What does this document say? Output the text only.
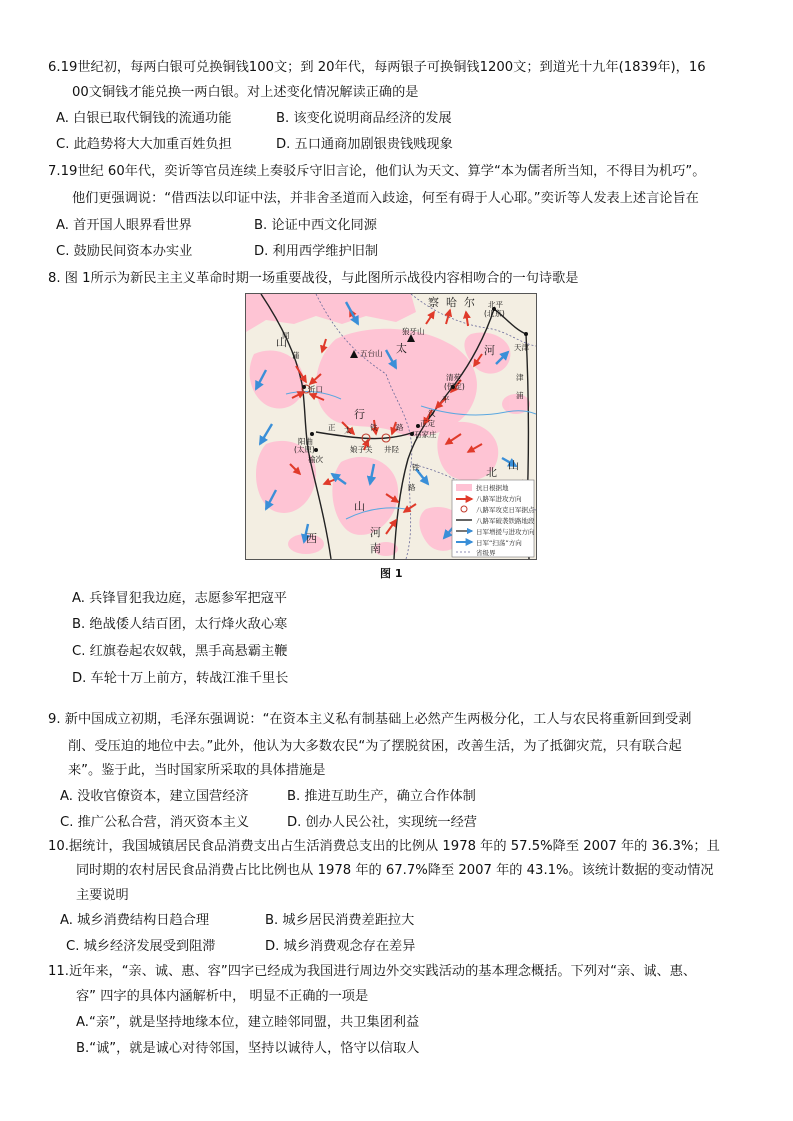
6.19世纪初，每两白银可兑换铜钱100文；到 20年代，每两银子可换铜钱1200文；到道光十九年(1839年)，16
00文铜钱才能兑换一两白银。对上述变化情况解读正确的是
A. 白银已取代铜钱的流通功能	B. 该变化说明商品经济的发展
C. 此趋势将大大加重百姓负担	D. 五口通商加剧银贵钱贱现象
7.19世纪 60年代，奕䜣等官员连续上奏驳斥守旧言论，他们认为天文、算学“本为儒者所当知，不得目为机巧”。
他们更强调说：“借西法以印证中法，并非舍圣道而入歧途，何至有碍于人心耶。”奕䜣等人发表上述言论旨在
A. 首开国人眼界看世界	B. 论证中西文化同源
C. 鼓励民间资本办实业	D. 利用西学维护旧制
8. 图 1所示为新民主主义革命时期一场重要战役，与此图所示战役内容相吻合的一句诗歌是
北平
(北京)
天津
狼牙山
五台山
清苑
(保定)
忻口
正定
石家庄
阳曲
(太原)	娘子关 井陉
榆次
察 哈 尔
太
行
山
山
西
河
北
山
河
南
同
蒲
正 太 铁 路
平
汉
津
浦
铁
路	抗日根据地
八路军进攻方向
八路军攻克日军据点
八路军破袭铁路地段
日军增援与进攻方向
日军“扫荡”方向
省级界
图 1
A. 兵锋冒犯我边庭，志愿参军把寇平
B. 绝战倭人结百团，太行烽火敌心寒
C. 红旗卷起农奴戟，黑手高悬霸主鞭
D. 车轮十万上前方，转战江淮千里长
9. 新中国成立初期，毛泽东强调说：“在资本主义私有制基础上必然产生两极分化，工人与农民将重新回到受剥
削、受压迫的地位中去。”此外，他认为大多数农民“为了摆脱贫困，改善生活，为了抵御灾荒，只有联合起
来”。鉴于此，当时国家所采取的具体措施是
A. 没收官僚资本，建立国营经济	B. 推进互助生产，确立合作体制
C. 推广公私合营，消灭资本主义	D. 创办人民公社，实现统一经营
10.据统计，我国城镇居民食品消费支出占生活消费总支出的比例从 1978 年的 57.5%降至 2007 年的 36.3%；且
同时期的农村居民食品消费占比比例也从 1978 年的 67.7%降至 2007 年的 43.1%。该统计数据的变动情况
主要说明
A. 城乡消费结构日趋合理	B. 城乡居民消费差距拉大
C. 城乡经济发展受到阻滞	D. 城乡消费观念存在差异
11.近年来，“亲、诚、惠、容”四字已经成为我国进行周边外交实践活动的基本理念概括。下列对“亲、诚、惠、
容” 四字的具体内涵解析中， 明显不正确的一项是
A.“亲”，就是坚持地缘本位，建立睦邻同盟，共卫集团利益
B.“诚”，就是诚心对待邻国，坚持以诚待人，恪守以信取人
